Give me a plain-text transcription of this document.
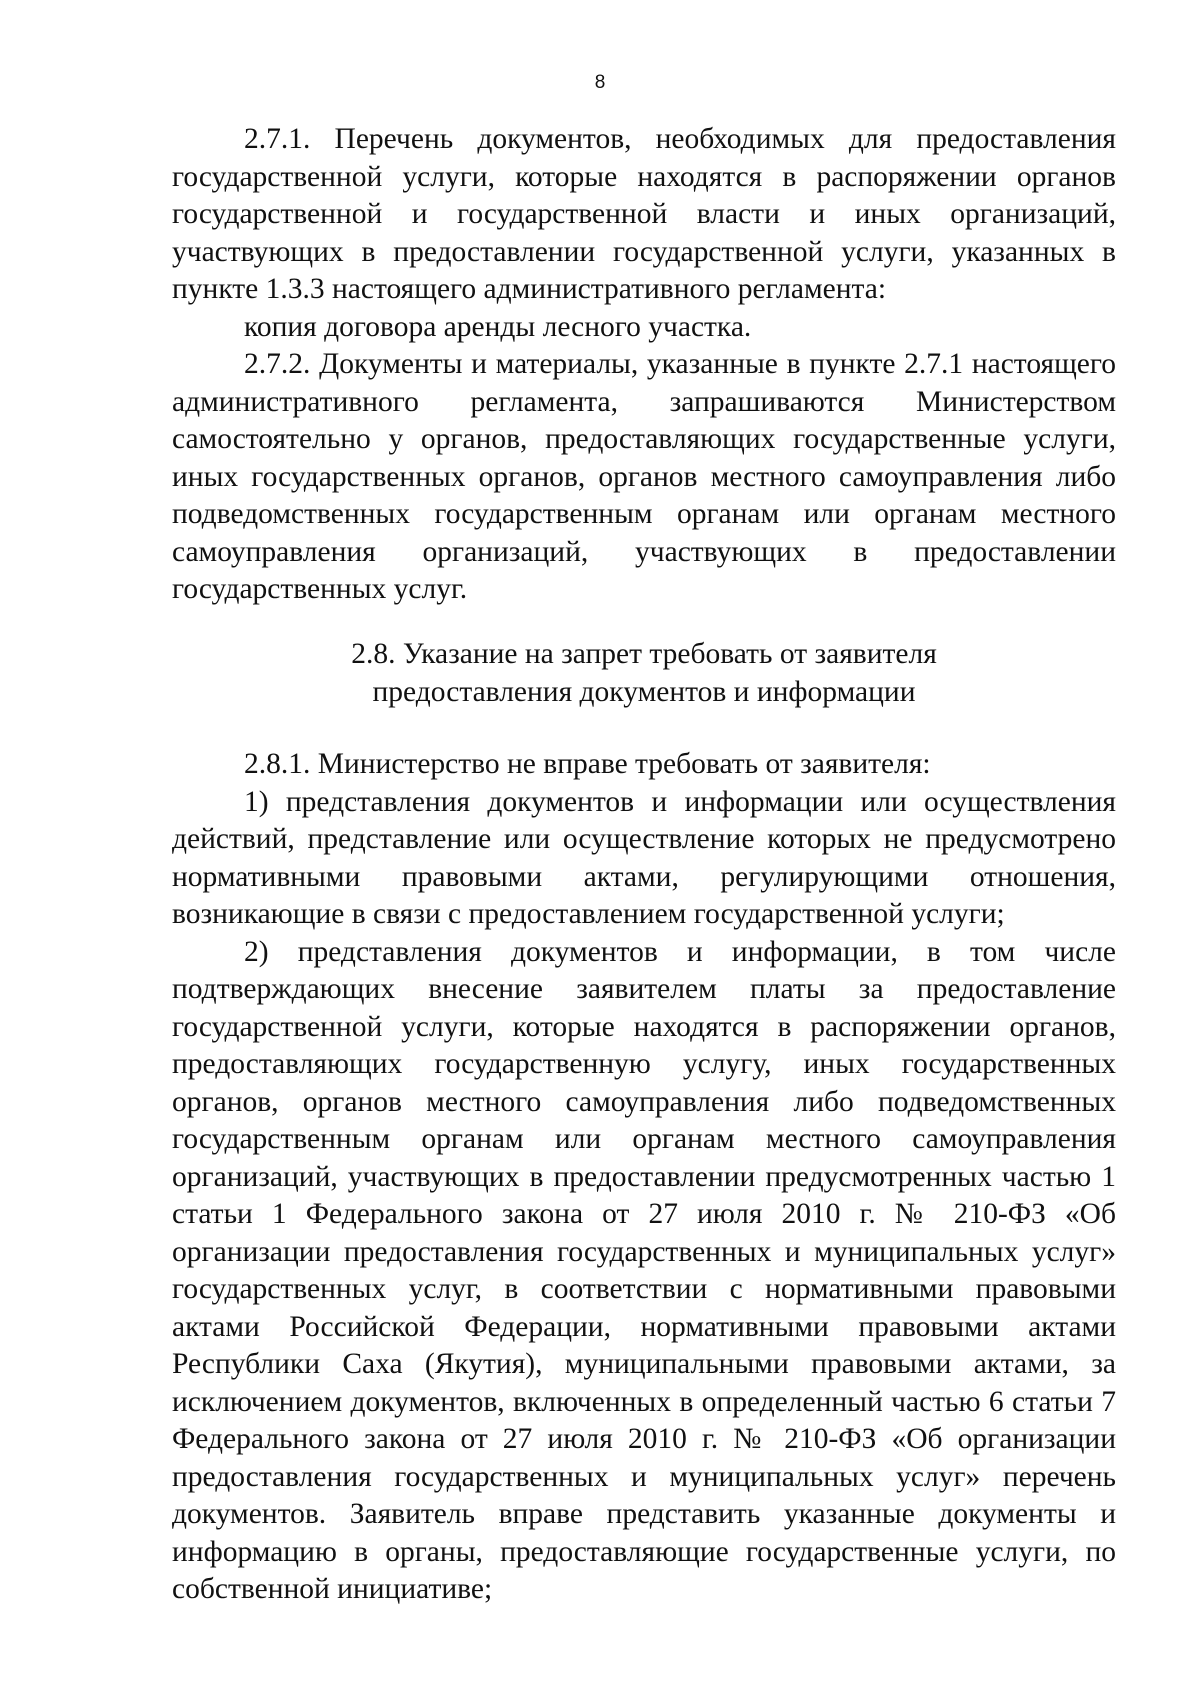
8

2.7.1. Перечень документов, необходимых для предоставления государственной услуги, которые находятся в распоряжении органов государственной и государственной власти и иных организаций, участвующих в предоставлении государственной услуги, указанных в пункте 1.3.3 настоящего административного регламента:

копия договора аренды лесного участка.

2.7.2. Документы и материалы, указанные в пункте 2.7.1 настоящего административного регламента, запрашиваются Министерством самостоятельно у органов, предоставляющих государственные услуги, иных государственных органов, органов местного самоуправления либо подведомственных государственным органам или органам местного самоуправления организаций, участвующих в предоставлении государственных услуг.

2.8. Указание на запрет требовать от заявителя
предоставления документов и информации

2.8.1. Министерство не вправе требовать от заявителя:

1) представления документов и информации или осуществления действий, представление или осуществление которых не предусмотрено нормативными правовыми актами, регулирующими отношения, возникающие в связи с предоставлением государственной услуги;

2) представления документов и информации, в том числе подтверждающих внесение заявителем платы за предоставление государственной услуги, которые находятся в распоряжении органов, предоставляющих государственную услугу, иных государственных органов, органов местного самоуправления либо подведомственных государственным органам или органам местного самоуправления организаций, участвующих в предоставлении предусмотренных частью 1 статьи 1 Федерального закона от 27 июля 2010 г. № 210-ФЗ «Об организации предоставления государственных и муниципальных услуг» государственных услуг, в соответствии с нормативными правовыми актами Российской Федерации, нормативными правовыми актами Республики Саха (Якутия), муниципальными правовыми актами, за исключением документов, включенных в определенный частью 6 статьи 7 Федерального закона от 27 июля 2010 г. № 210-ФЗ «Об организации предоставления государственных и муниципальных услуг» перечень документов. Заявитель вправе представить указанные документы и информацию в органы, предоставляющие государственные услуги, по собственной инициативе;
